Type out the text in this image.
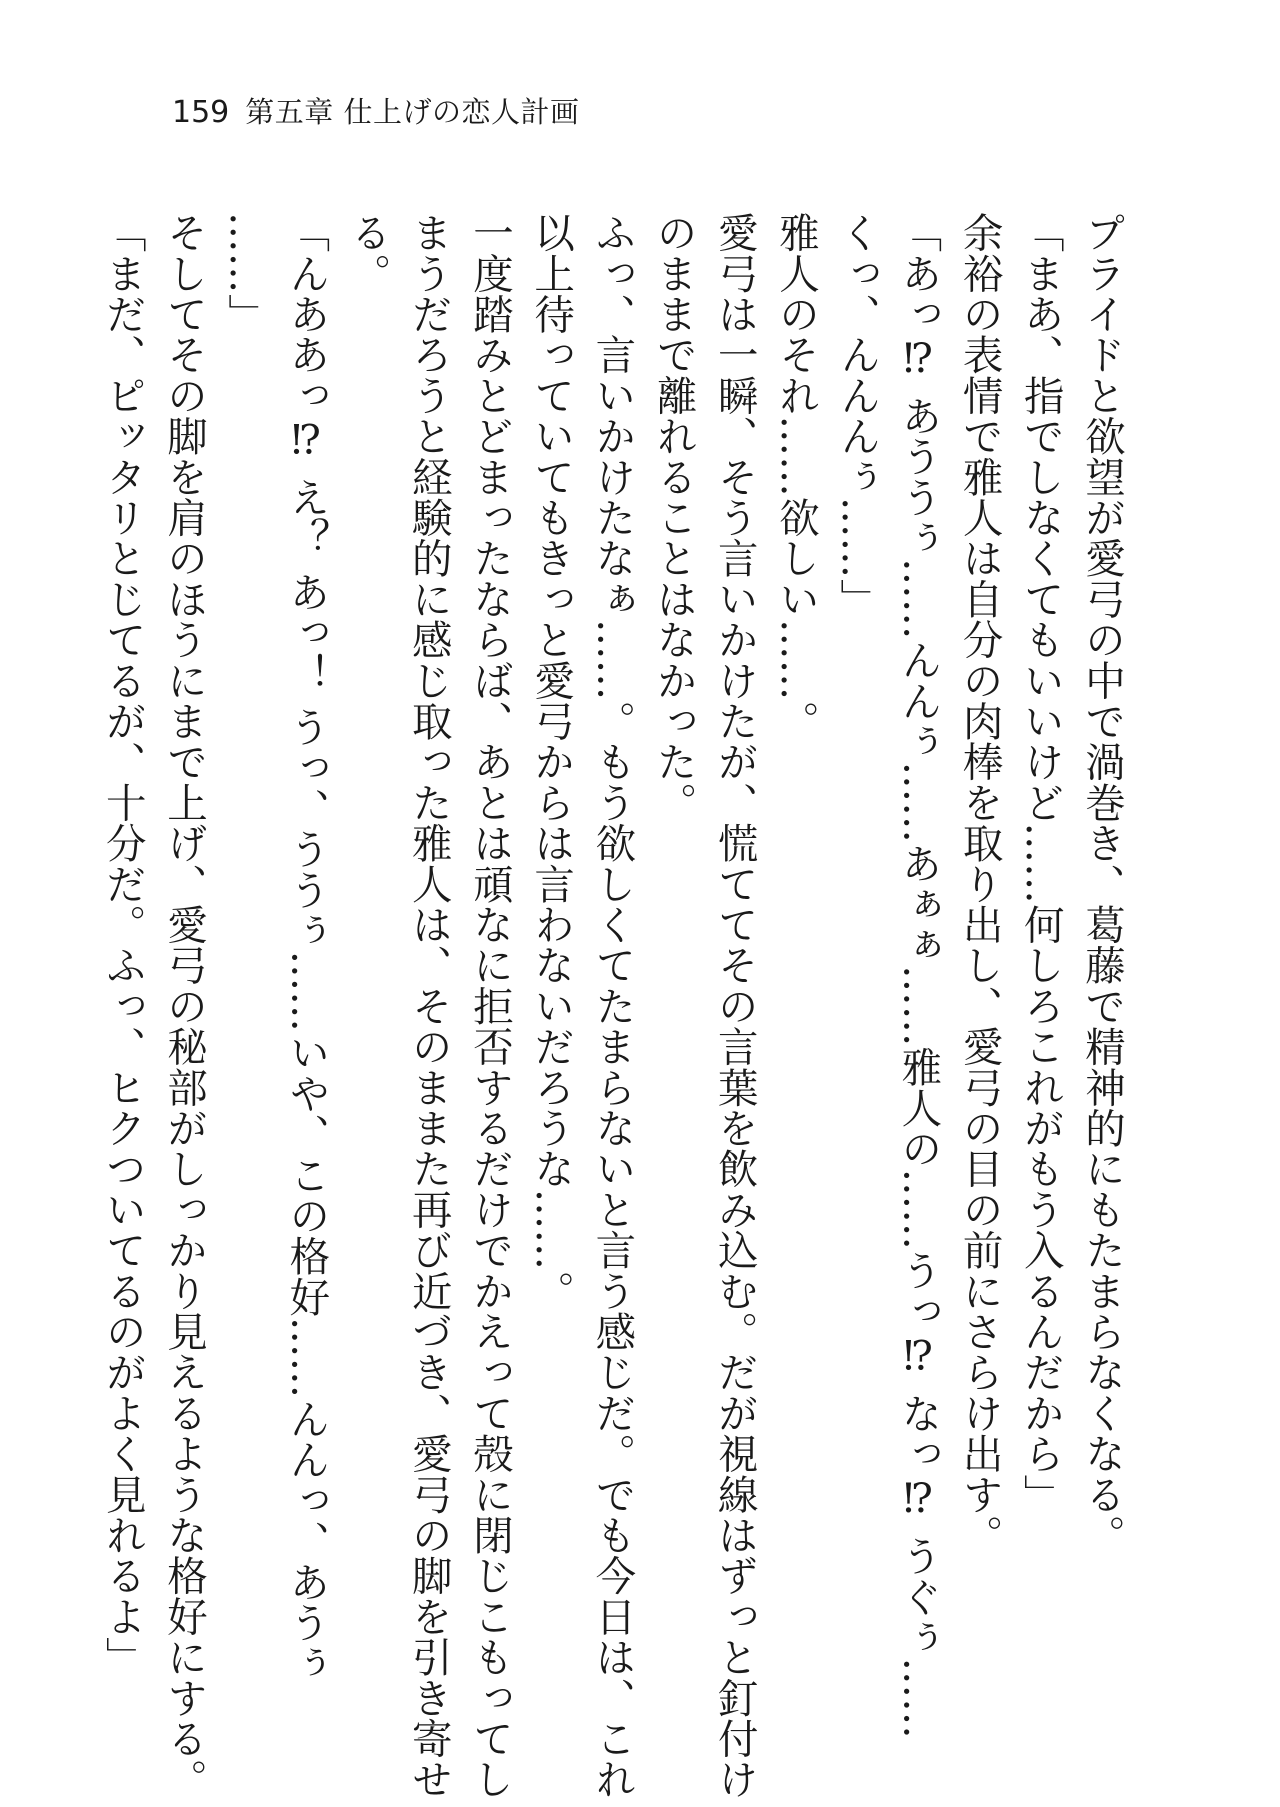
159 第五章 仕上げの恋人計画

プライドと欲望が愛弓の中で渦巻き、葛藤で精神的にもたまらなくなる。

「まあ、指でしなくてもいいけど……何しろこれがもう入るんだから」

余裕の表情で雅人は自分の肉棒を取り出し、愛弓の目の前にさらけ出す。

「あっ⁉ あううぅ……んんぅ……あぁぁ……雅人の……うっ⁉ なっ⁉ うぐぅ……

くっ、んんんぅ……」

雅人のそれ……欲しい……。

愛弓は一瞬、そう言いかけたが、慌ててその言葉を飲み込む。だが視線はずっと釘付け

のままで離れることはなかった。

ふっ、言いかけたなぁ……。もう欲しくてたまらないと言う感じだ。でも今日は、これ

以上待っていてもきっと愛弓からは言わないだろうな……。

一度踏みとどまったならば、あとは頑なに拒否するだけでかえって殻に閉じこもってし

まうだろうと経験的に感じ取った雅人は、そのままた再び近づき、愛弓の脚を引き寄せ

る。

「んああっ⁉ え？ あっ！ うっ、ううぅ……いや、この格好……んんっ、あうぅ

……」

そしてその脚を肩のほうにまで上げ、愛弓の秘部がしっかり見えるような格好にする。

「まだ、ピッタリとじてるが、十分だ。ふっ、ヒクついてるのがよく見れるよ」
